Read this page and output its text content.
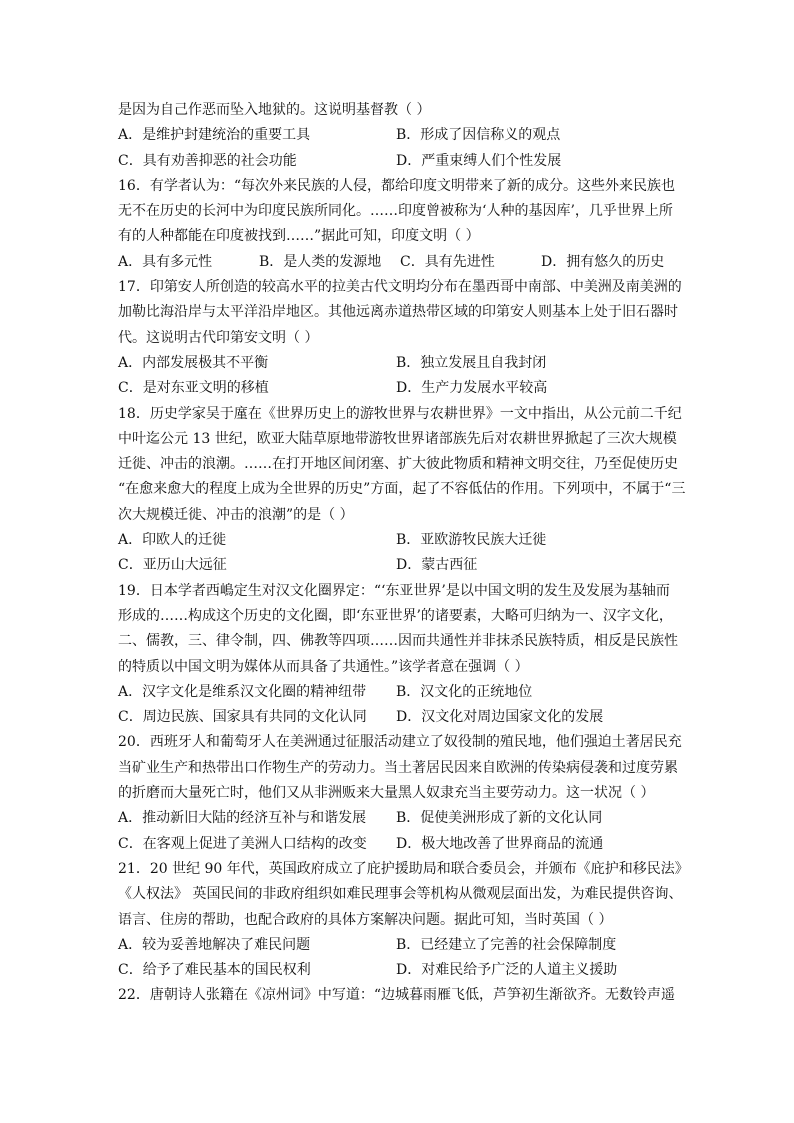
是因为自己作恶而坠入地狱的。这说明基督教（ ）
A．是维护封建统治的重要工具	B．形成了因信称义的观点
C．具有劝善抑恶的社会功能	D．严重束缚人们个性发展
16．有学者认为：“每次外来民族的人侵，都给印度文明带来了新的成分。这些外来民族也
无不在历史的长河中为印度民族所同化。……印度曾被称为‘人种的基因库’，几乎世界上所
有的人种都能在印度被找到……”据此可知，印度文明（ ）
A．具有多元性	B．是人类的发源地	C．具有先进性	D．拥有悠久的历史
17．印第安人所创造的较高水平的拉美古代文明均分布在墨西哥中南部、中美洲及南美洲的
加勒比海沿岸与太平洋沿岸地区。其他远离赤道热带区域的印第安人则基本上处于旧石器时
代。这说明古代印第安文明（ ）
A．内部发展极其不平衡	B．独立发展且自我封闭
C．是对东亚文明的移植	D．生产力发展水平较高
18．历史学家吴于廑在《世界历史上的游牧世界与农耕世界》一文中指出，从公元前二千纪
中叶迄公元 13 世纪，欧亚大陆草原地带游牧世界诸部族先后对农耕世界掀起了三次大规模
迁徙、冲击的浪潮。……在打开地区间闭塞、扩大彼此物质和精神文明交往，乃至促使历史
“在愈来愈大的程度上成为全世界的历史”方面，起了不容低估的作用。下列项中，不属于“三
次大规模迁徙、冲击的浪潮”的是（ ）
A．印欧人的迁徙	B．亚欧游牧民族大迁徙
C．亚历山大远征	D．蒙古西征
19．日本学者西嶋定生对汉文化圈界定：“‘东亚世界’是以中国文明的发生及发展为基轴而
形成的……构成这个历史的文化圈，即‘东亚世界’的诸要素，大略可归纳为一、汉字文化，
二、儒教，三、律令制，四、佛教等四项……因而共通性并非抹杀民族特质，相反是民族性
的特质以中国文明为媒体从而具备了共通性。”该学者意在强调（ ）
A．汉字文化是维系汉文化圈的精神纽带	B．汉文化的正统地位
C．周边民族、国家具有共同的文化认同	D．汉文化对周边国家文化的发展
20．西班牙人和葡萄牙人在美洲通过征服活动建立了奴役制的殖民地，他们强迫土著居民充
当矿业生产和热带出口作物生产的劳动力。当土著居民因来自欧洲的传染病侵袭和过度劳累
的折磨而大量死亡时，他们又从非洲贩来大量黑人奴隶充当主要劳动力。这一状况（ ）
A．推动新旧大陆的经济互补与和谐发展	B．促使美洲形成了新的文化认同
C．在客观上促进了美洲人口结构的改变	D．极大地改善了世界商品的流通
21．20 世纪 90 年代，英国政府成立了庇护援助局和联合委员会，并颁布《庇护和移民法》
《人权法》 英国民间的非政府组织如难民理事会等机构从微观层面出发，为难民提供咨询、
语言、住房的帮助，也配合政府的具体方案解决问题。据此可知，当时英国（ ）
A．较为妥善地解决了难民问题	B．已经建立了完善的社会保障制度
C．给予了难民基本的国民权利	D．对难民给予广泛的人道主义援助
22．唐朝诗人张籍在《凉州词》中写道：“边城暮雨雁飞低，芦笋初生渐欲齐。无数铃声遥
